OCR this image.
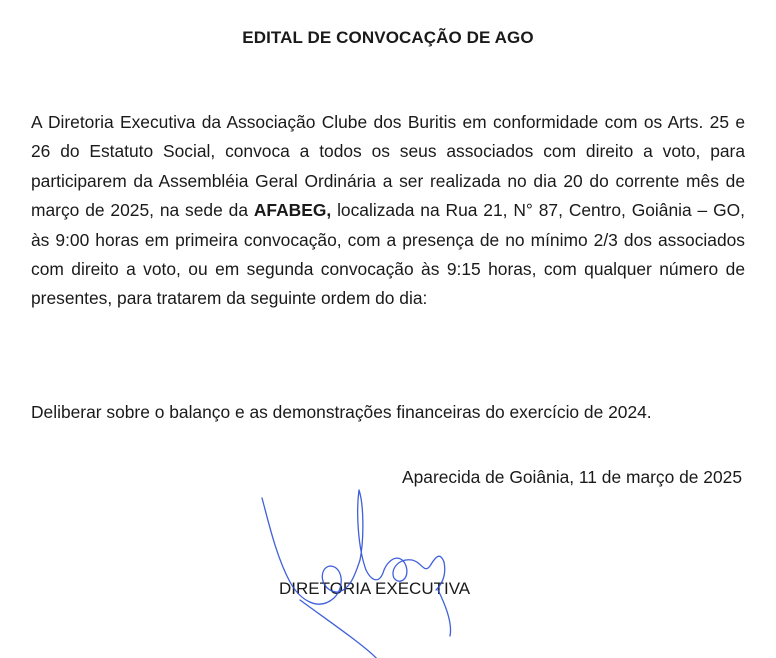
EDITAL DE CONVOCAÇÃO DE AGO

A Diretoria Executiva da Associação Clube dos Buritis em conformidade com os Arts. 25 e 26 do Estatuto Social, convoca a todos os seus associados com direito a voto, para participarem da Assembléia Geral Ordinária a ser realizada no dia 20 do corrente mês de março de 2025, na sede da AFABEG, localizada na Rua 21, N° 87, Centro, Goiânia – GO, às 9:00 horas em primeira convocação, com a presença de no mínimo 2/3 dos associados com direito a voto, ou em segunda convocação às 9:15 horas, com qualquer número de presentes, para tratarem da seguinte ordem do dia:

Deliberar sobre o balanço e as demonstrações financeiras do exercício de 2024.
Aparecida de Goiânia, 11 de março de 2025
DIRETORIA EXECUTIVA
